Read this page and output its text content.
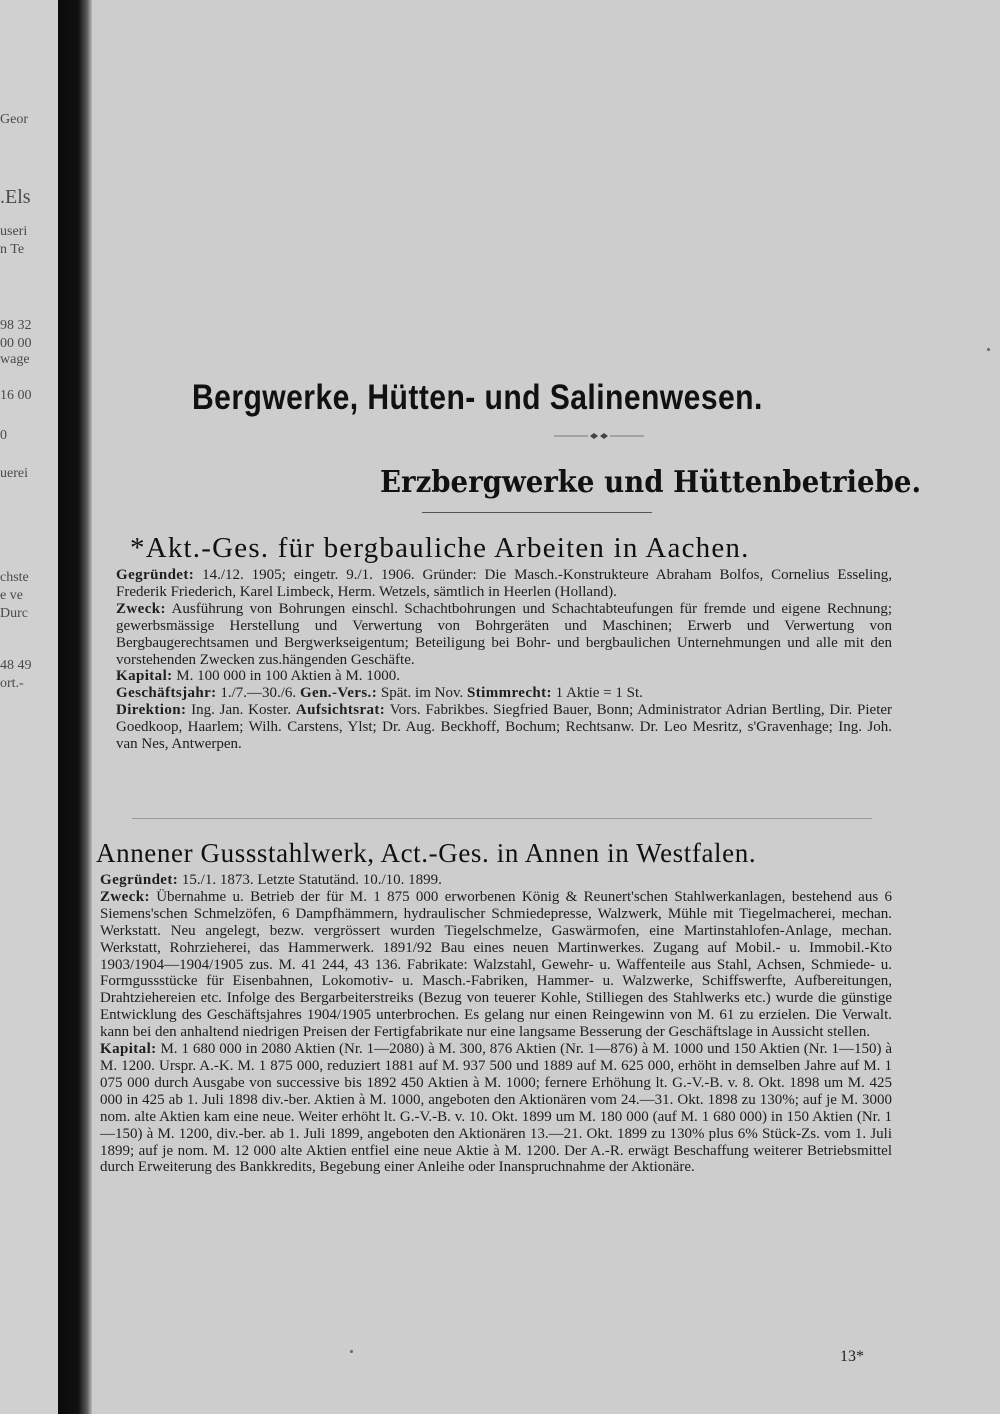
Geor
.Els
useri
n Te
98 32
00 00
wage
16 00
0
uerei
chste
e ve
Durc
48 49
ort.-
Bergwerke, Hütten- und Salinenwesen.
Erzbergwerke und Hüttenbetriebe.
*Akt.-Ges. für bergbauliche Arbeiten in Aachen.

Gegründet: 14./12. 1905; eingetr. 9./1. 1906. Gründer: Die Masch.-Konstrukteure Abraham Bolfos, Cornelius Esseling, Frederik Friederich, Karel Limbeck, Herm. Wetzels, sämtlich in Heerlen (Holland).

Zweck: Ausführung von Bohrungen einschl. Schachtbohrungen und Schachtabteufungen für fremde und eigene Rechnung; gewerbsmässige Herstellung und Verwertung von Bohrgeräten und Maschinen; Erwerb und Verwertung von Bergbaugerechtsamen und Bergwerkseigentum; Beteiligung bei Bohr- und bergbaulichen Unternehmungen und alle mit den vorstehenden Zwecken zus.hängenden Geschäfte.

Kapital: M. 100 000 in 100 Aktien à M. 1000.

Geschäftsjahr: 1./7.—30./6. Gen.-Vers.: Spät. im Nov. Stimmrecht: 1 Aktie = 1 St.

Direktion: Ing. Jan. Koster. Aufsichtsrat: Vors. Fabrikbes. Siegfried Bauer, Bonn; Administrator Adrian Bertling, Dir. Pieter Goedkoop, Haarlem; Wilh. Carstens, Ylst; Dr. Aug. Beckhoff, Bochum; Rechtsanw. Dr. Leo Mesritz, s'Gravenhage; Ing. Joh. van Nes, Antwerpen.

Annener Gussstahlwerk, Act.-Ges. in Annen in Westfalen.

Gegründet: 15./1. 1873. Letzte Statutänd. 10./10. 1899.

Zweck: Übernahme u. Betrieb der für M. 1 875 000 erworbenen König & Reunert'schen Stahlwerkanlagen, bestehend aus 6 Siemens'schen Schmelzöfen, 6 Dampfhämmern, hydraulischer Schmiedepresse, Walzwerk, Mühle mit Tiegelmacherei, mechan. Werkstatt. Neu angelegt, bezw. vergrössert wurden Tiegelschmelze, Gaswärmofen, eine Martinstahlofen-Anlage, mechan. Werkstatt, Rohrzieherei, das Hammerwerk. 1891/92 Bau eines neuen Martinwerkes. Zugang auf Mobil.- u. Immobil.-Kto 1903/1904—1904/1905 zus. M. 41 244, 43 136. Fabrikate: Walzstahl, Gewehr- u. Waffenteile aus Stahl, Achsen, Schmiede- u. Formgussstücke für Eisenbahnen, Lokomotiv- u. Masch.-Fabriken, Hammer- u. Walzwerke, Schiffswerfte, Aufbereitungen, Drahtziehereien etc. Infolge des Bergarbeiterstreiks (Bezug von teuerer Kohle, Stilliegen des Stahlwerks etc.) wurde die günstige Entwicklung des Geschäftsjahres 1904/1905 unterbrochen. Es gelang nur einen Reingewinn von M. 61 zu erzielen. Die Verwalt. kann bei den anhaltend niedrigen Preisen der Fertigfabrikate nur eine langsame Besserung der Geschäftslage in Aussicht stellen.

Kapital: M. 1 680 000 in 2080 Aktien (Nr. 1—2080) à M. 300, 876 Aktien (Nr. 1—876) à M. 1000 und 150 Aktien (Nr. 1—150) à M. 1200. Urspr. A.-K. M. 1 875 000, reduziert 1881 auf M. 937 500 und 1889 auf M. 625 000, erhöht in demselben Jahre auf M. 1 075 000 durch Ausgabe von successive bis 1892 450 Aktien à M. 1000; fernere Erhöhung lt. G.-V.-B. v. 8. Okt. 1898 um M. 425 000 in 425 ab 1. Juli 1898 div.-ber. Aktien à M. 1000, angeboten den Aktionären vom 24.—31. Okt. 1898 zu 130%; auf je M. 3000 nom. alte Aktien kam eine neue. Weiter erhöht lt. G.-V.-B. v. 10. Okt. 1899 um M. 180 000 (auf M. 1 680 000) in 150 Aktien (Nr. 1—150) à M. 1200, div.-ber. ab 1. Juli 1899, angeboten den Aktionären 13.—21. Okt. 1899 zu 130% plus 6% Stück-Zs. vom 1. Juli 1899; auf je nom. M. 12 000 alte Aktien entfiel eine neue Aktie à M. 1200. Der A.-R. erwägt Beschaffung weiterer Betriebsmittel durch Erweiterung des Bankkredits, Begebung einer Anleihe oder Inanspruchnahme der Aktionäre.

13*
